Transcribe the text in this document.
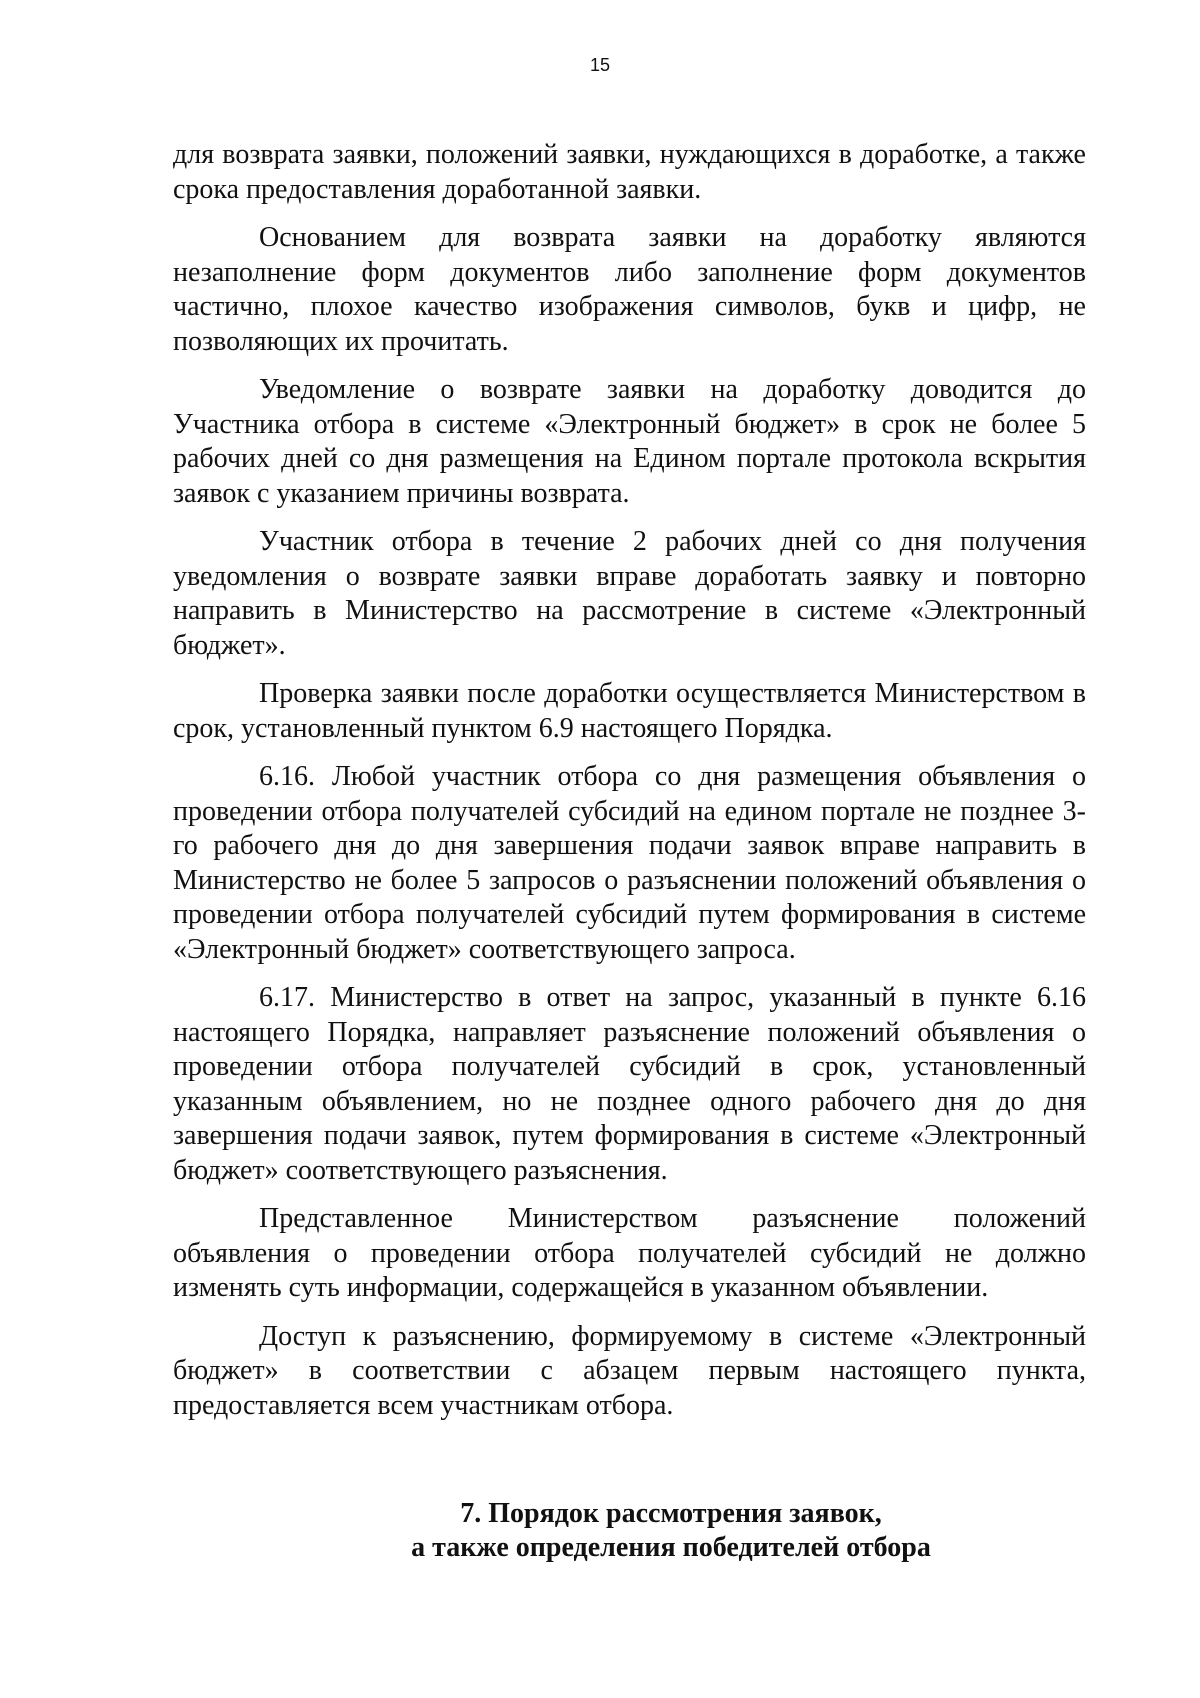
15

для возврата заявки, положений заявки, нуждающихся в доработке, а также срока предоставления доработанной заявки.

Основанием для возврата заявки на доработку являются незаполнение форм документов либо заполнение форм документов частично, плохое качество изображения символов, букв и цифр, не позволяющих их прочитать.

Уведомление о возврате заявки на доработку доводится до Участника отбора в системе «Электронный бюджет» в срок не более 5 рабочих дней со дня размещения на Едином портале протокола вскрытия заявок с указанием причины возврата.

Участник отбора в течение 2 рабочих дней со дня получения уведомления о возврате заявки вправе доработать заявку и повторно направить в Министерство на рассмотрение в системе «Электронный бюджет».

Проверка заявки после доработки осуществляется Министерством в срок, установленный пунктом 6.9 настоящего Порядка.

6.16. Любой участник отбора со дня размещения объявления о проведении отбора получателей субсидий на едином портале не позднее 3-го рабочего дня до дня завершения подачи заявок вправе направить в Министерство не более 5 запросов о разъяснении положений объявления о проведении отбора получателей субсидий путем формирования в системе «Электронный бюджет» соответствующего запроса.

6.17. Министерство в ответ на запрос, указанный в пункте 6.16 настоящего Порядка, направляет разъяснение положений объявления о проведении отбора получателей субсидий в срок, установленный указанным объявлением, но не позднее одного рабочего дня до дня завершения подачи заявок, путем формирования в системе «Электронный бюджет» соответствующего разъяснения.

Представленное Министерством разъяснение положений объявления о проведении отбора получателей субсидий не должно изменять суть информации, содержащейся в указанном объявлении.

Доступ к разъяснению, формируемому в системе «Электронный бюджет» в соответствии с абзацем первым настоящего пункта, предоставляется всем участникам отбора.

7. Порядок рассмотрения заявок,
а также определения победителей отбора
